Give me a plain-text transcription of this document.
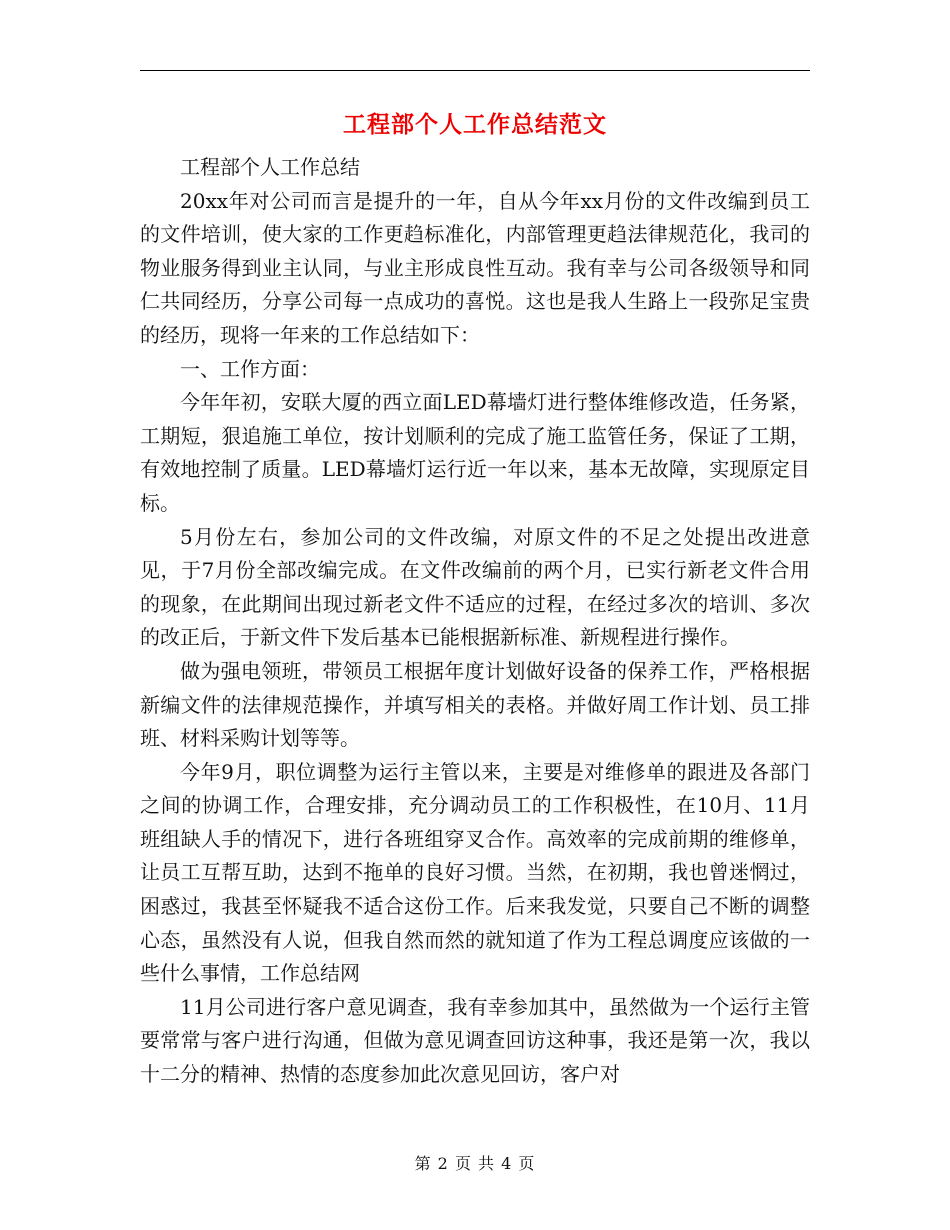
工程部个人工作总结范文

工程部个人工作总结

20xx年对公司而言是提升的一年，自从今年xx月份的文件改编到员工的文件培训，使大家的工作更趋标准化，内部管理更趋法律规范化，我司的物业服务得到业主认同，与业主形成良性互动。我有幸与公司各级领导和同仁共同经历，分享公司每一点成功的喜悦。这也是我人生路上一段弥足宝贵的经历，现将一年来的工作总结如下：

一、工作方面：

今年年初，安联大厦的西立面LED幕墙灯进行整体维修改造，任务紧，工期短，狠追施工单位，按计划顺利的完成了施工监管任务，保证了工期，有效地控制了质量。LED幕墙灯运行近一年以来，基本无故障，实现原定目标。

5月份左右，参加公司的文件改编，对原文件的不足之处提出改进意见，于7月份全部改编完成。在文件改编前的两个月，已实行新老文件合用的现象，在此期间出现过新老文件不适应的过程，在经过多次的培训、多次的改正后，于新文件下发后基本已能根据新标准、新规程进行操作。

做为强电领班，带领员工根据年度计划做好设备的保养工作，严格根据新编文件的法律规范操作，并填写相关的表格。并做好周工作计划、员工排班、材料采购计划等等。

今年9月，职位调整为运行主管以来，主要是对维修单的跟进及各部门之间的协调工作，合理安排，充分调动员工的工作积极性，在10月、11月班组缺人手的情况下，进行各班组穿叉合作。高效率的完成前期的维修单，让员工互帮互助，达到不拖单的良好习惯。当然，在初期，我也曾迷惘过，困惑过，我甚至怀疑我不适合这份工作。后来我发觉，只要自己不断的调整心态，虽然没有人说，但我自然而然的就知道了作为工程总调度应该做的一些什么事情，工作总结网

11月公司进行客户意见调查，我有幸参加其中，虽然做为一个运行主管要常常与客户进行沟通，但做为意见调查回访这种事，我还是第一次，我以十二分的精神、热情的态度参加此次意见回访，客户对

第 2 页 共 4 页
